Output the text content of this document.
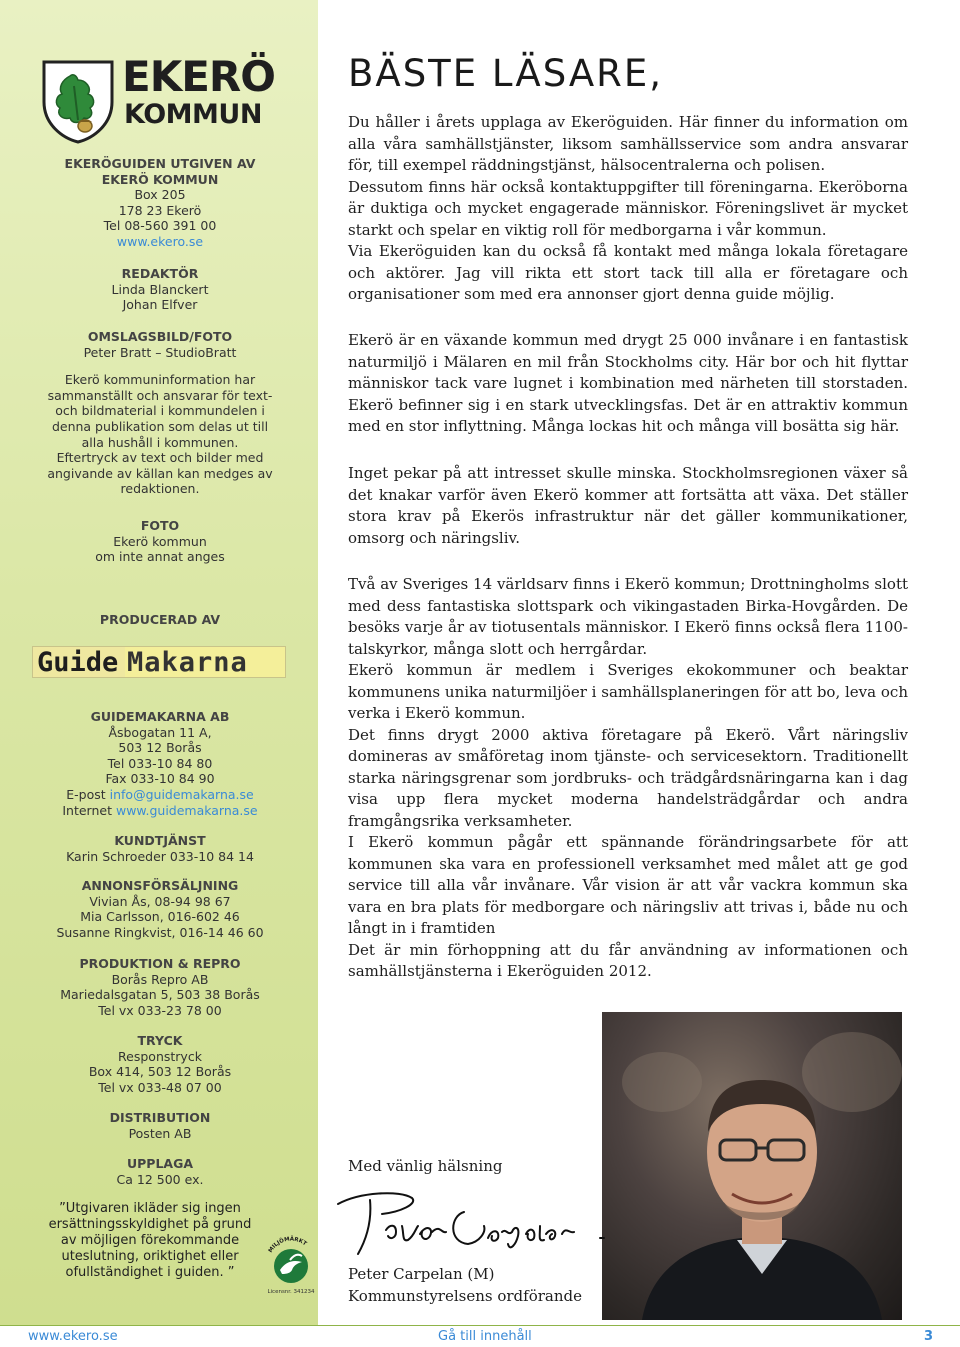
EKERÖ
KOMMUN
EKERÖGUIDEN UTGIVEN AV
EKERÖ KOMMUN
Box 205
178 23 Ekerö
Tel 08-560 391 00
www.ekero.se
REDAKTÖR
Linda Blanckert
Johan Elfver
OMSLAGSBILD/FOTO
Peter Bratt – StudioBratt
Ekerö kommuninformation har
sammanställt och ansvarar för text-
och bildmaterial i kommundelen i
denna publikation som delas ut till
alla hushåll i kommunen.
Eftertryck av text och bilder med
angivande av källan kan medges av
redaktionen.
FOTO
Ekerö kommun
om inte annat anges
PRODUCERAD AV
Guide Makarna
GUIDEMAKARNA AB
Åsbogatan 11 A,
503 12 Borås
Tel 033-10 84 80
Fax 033-10 84 90
E-post info@guidemakarna.se
Internet www.guidemakarna.se
KUNDTJÄNST
Karin Schroeder 033-10 84 14
ANNONSFÖRSÄLJNING
Vivian Ås, 08-94 98 67
Mia Carlsson, 016-602 46
Susanne Ringkvist, 016-14 46 60
PRODUKTION & REPRO
Borås Repro AB
Mariedalsgatan 5, 503 38 Borås
Tel vx 033-23 78 00
TRYCK
Responstryck
Box 414, 503 12 Borås
Tel vx 033-48 07 00
DISTRIBUTION
Posten AB
UPPLAGA
Ca 12 500 ex.
”Utgivaren ikläder sig ingen
ersättningsskyldighet på grund
av möjligen förekommande
uteslutning, oriktighet eller
ofullständighet i guiden. ”
MILJÖMÄRKT
Licensnr. 341234
BÄSTE LÄSARE,

Du håller i årets upplaga av Ekeröguiden. Här finner du information om alla våra samhällstjänster, liksom samhällsservice som andra ansvarar för, till exempel räddningstjänst, hälsocentralerna och polisen.

Dessutom finns här också kontaktuppgifter till föreningarna. Ekeröborna är duktiga och mycket engagerade människor. Föreningslivet är mycket starkt och spelar en viktig roll för medborgarna i vår kommun.

Via Ekeröguiden kan du också få kontakt med många lokala företagare och aktörer. Jag vill rikta ett stort tack till alla er företagare och organisationer som med era annonser gjort denna guide möjlig.

Ekerö är en växande kommun med drygt 25 000 invånare i en fantastisk naturmiljö i Mälaren en mil från Stockholms city. Här bor och hit flyttar människor tack vare lugnet i kombination med närheten till storstaden. Ekerö befinner sig i en stark utvecklingsfas. Det är en attraktiv kommun med en stor inflyttning. Många lockas hit och många vill bosätta sig här.

Inget pekar på att intresset skulle minska. Stockholmsregionen växer så det knakar varför även Ekerö kommer att fortsätta att växa. Det ställer stora krav på Ekerös infrastruktur när det gäller kommunikationer, omsorg och näringsliv.

Två av Sveriges 14 världsarv finns i Ekerö kommun; Drottningholms slott med dess fantastiska slottspark och vikingastaden Birka-Hovgården. De besöks varje år av tiotusentals människor. I Ekerö finns också flera 1100-talskyrkor, många slott och herrgårdar.

Ekerö kommun är medlem i Sveriges ekokommuner och beaktar kommunens unika naturmiljöer i samhällsplaneringen för att bo, leva och verka i Ekerö kommun.

Det finns drygt 2000 aktiva företagare på Ekerö. Vårt näringsliv domineras av småföretag inom tjänste- och servicesektorn. Traditionellt starka näringsgrenar som jordbruks- och trädgårdsnäringarna kan i dag visa upp flera mycket moderna handelsträdgårdar och andra framgångsrika verksamheter.

I Ekerö kommun pågår ett spännande förändringsarbete för att kommunen ska vara en professionell verksamhet med målet att ge god service till alla vår invånare. Vår vision är att vår vackra kommun ska vara en bra plats för medborgare och näringsliv att trivas i, både nu och långt in i framtiden

Det är min förhoppning att du får användning av informationen och samhällstjänsterna i Ekeröguiden 2012.

Med vänlig hälsning

Peter Carpelan (M)

Kommunstyrelsens ordförande

www.ekero.se	Gå till innehåll	3
